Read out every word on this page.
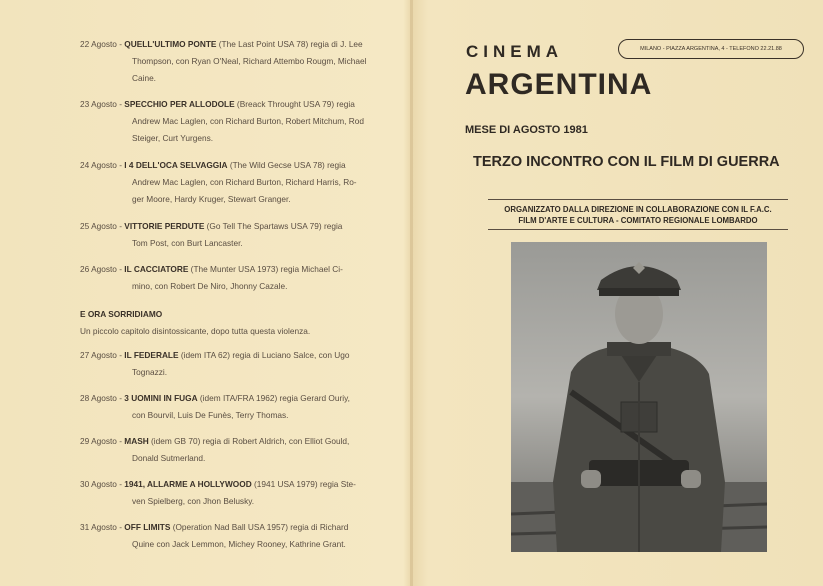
22 Agosto - QUELL'ULTIMO PONTE (The Last Point USA 78) regia di J. Lee
Thompson, con Ryan O'Neal, Richard Attembo Rougm, Michael
Caine.
23 Agosto - SPECCHIO PER ALLODOLE (Breack Throught USA 79) regia
Andrew Mac Laglen, con Richard Burton, Robert Mitchum, Rod
Steiger, Curt Yurgens.
24 Agosto - I 4 DELL'OCA SELVAGGIA (The Wild Gecse USA 78) regia
Andrew Mac Laglen, con Richard Burton, Richard Harris, Ro-
ger Moore, Hardy Kruger, Stewart Granger.
25 Agosto - VITTORIE PERDUTE (Go Tell The Spartaws USA 79) regia
Tom Post, con Burt Lancaster.
26 Agosto - IL CACCIATORE (The Munter USA 1973) regia Michael Ci-
mino, con Robert De Niro, Jhonny Cazale.
E ORA SORRIDIAMO
Un piccolo capitolo disintossicante, dopo tutta questa violenza.
27 Agosto - IL FEDERALE (idem ITA 62) regia di Luciano Salce, con Ugo
Tognazzi.
28 Agosto - 3 UOMINI IN FUGA (idem ITA/FRA 1962) regia Gerard Ouriy,
con Bourvil, Luis De Funès, Terry Thomas.
29 Agosto - MASH (idem GB 70) regia di Robert Aldrich, con Elliot Gould,
Donald Sutmerland.
30 Agosto - 1941, ALLARME A HOLLYWOOD (1941 USA 1979) regia Ste-
ven Spielberg, con Jhon Belusky.
31 Agosto - OFF LIMITS (Operation Nad Ball USA 1957) regia di Richard
Quine con Jack Lemmon, Michey Rooney, Kathrine Grant.
CINEMA	MILANO - PIAZZA ARGENTINA, 4 - TELEFONO 22.21.88
ARGENTINA
MESE DI AGOSTO 1981
TERZO INCONTRO CON IL FILM DI GUERRA
ORGANIZZATO DALLA DIREZIONE IN COLLABORAZIONE CON IL F.A.C.
FILM D'ARTE E CULTURA - COMITATO REGIONALE LOMBARDO
